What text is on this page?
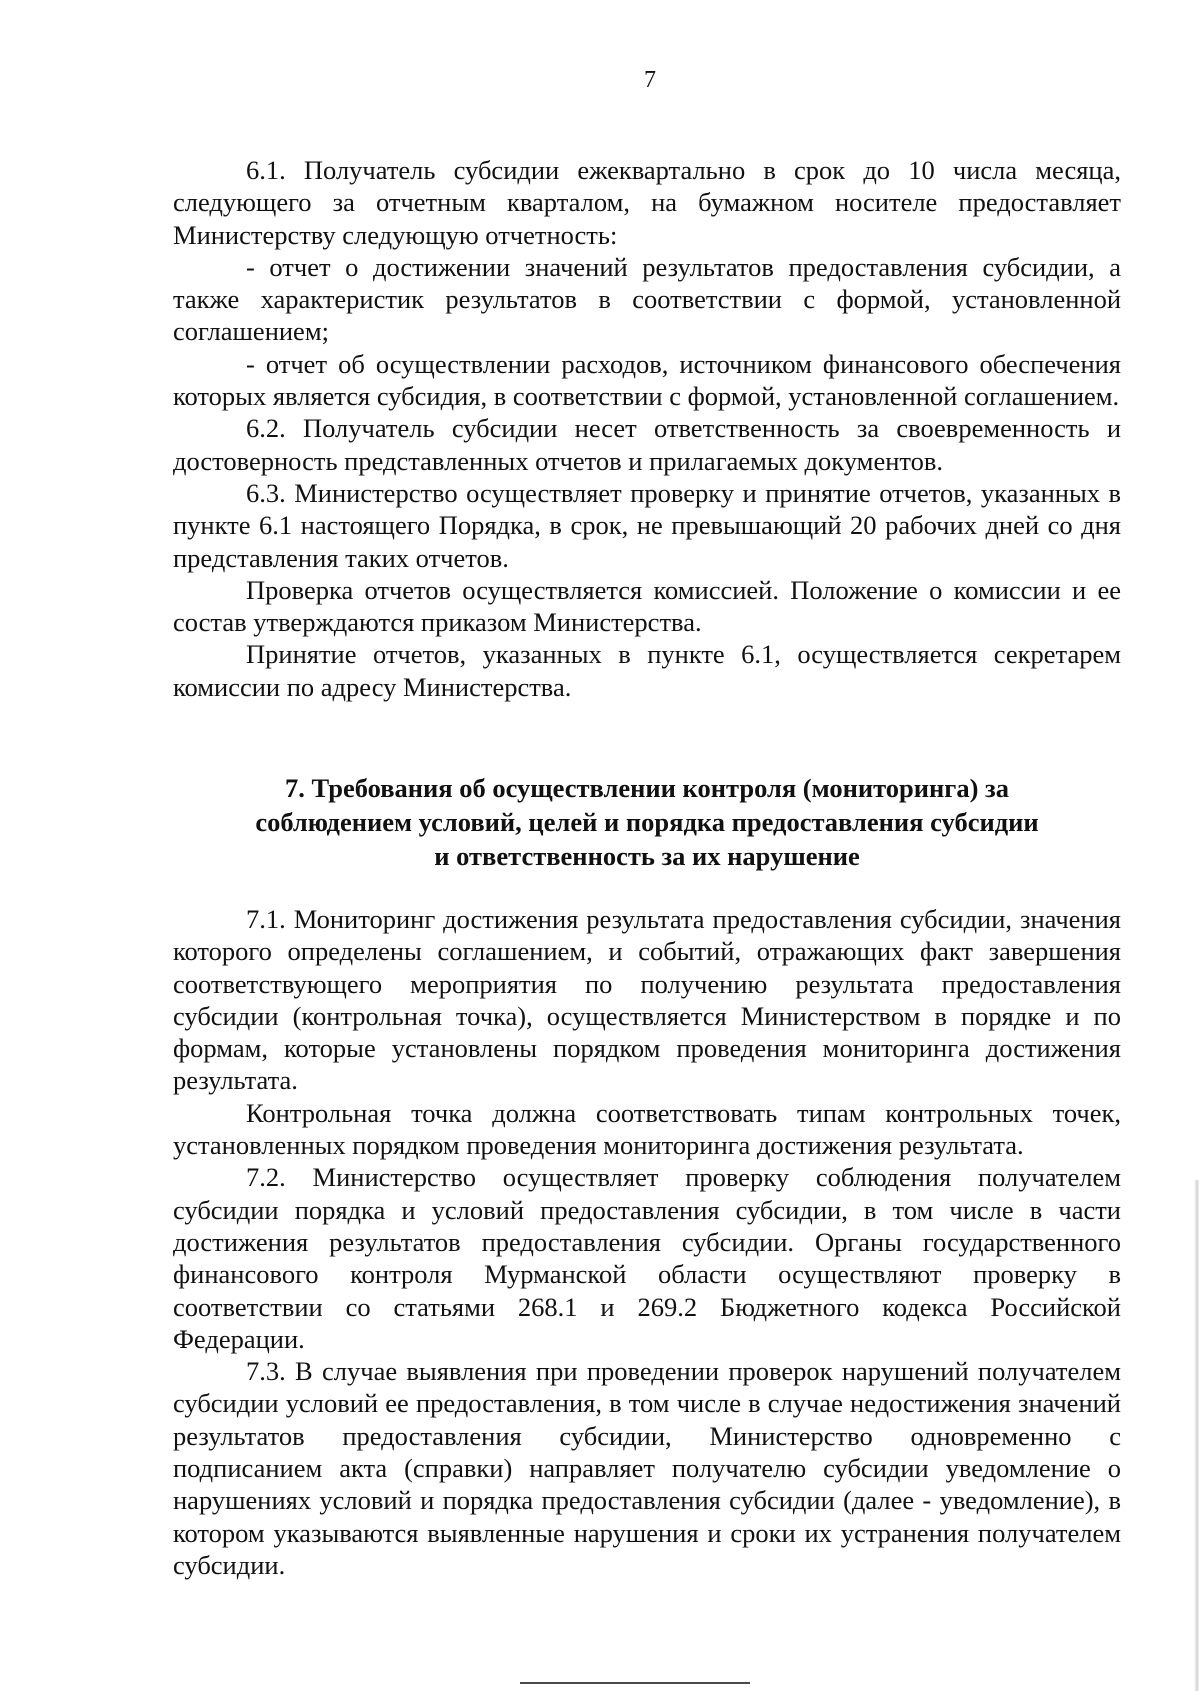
7

6.1. Получатель субсидии ежеквартально в срок до 10 числа месяца, следующего за отчетным кварталом, на бумажном носителе предоставляет Министерству следующую отчетность:

- отчет о достижении значений результатов предоставления субсидии, а также характеристик результатов в соответствии с формой, установленной соглашением;

- отчет об осуществлении расходов, источником финансового обеспечения которых является субсидия, в соответствии с формой, установленной соглашением.

6.2. Получатель субсидии несет ответственность за своевременность и достоверность представленных отчетов и прилагаемых документов.

6.3. Министерство осуществляет проверку и принятие отчетов, указанных в пункте 6.1 настоящего Порядка, в срок, не превышающий 20 рабочих дней со дня представления таких отчетов.

Проверка отчетов осуществляется комиссией. Положение о комиссии и ее состав утверждаются приказом Министерства.

Принятие отчетов, указанных в пункте 6.1, осуществляется секретарем комиссии по адресу Министерства.

7. Требования об осуществлении контроля (мониторинга) за
соблюдением условий, целей и порядка предоставления субсидии
и ответственность за их нарушение

7.1. Мониторинг достижения результата предоставления субсидии, значения которого определены соглашением, и событий, отражающих факт завершения соответствующего мероприятия по получению результата предоставления субсидии (контрольная точка), осуществляется Министерством в порядке и по формам, которые установлены порядком проведения мониторинга достижения результата.

Контрольная точка должна соответствовать типам контрольных точек, установленных порядком проведения мониторинга достижения результата.

7.2. Министерство осуществляет проверку соблюдения получателем субсидии порядка и условий предоставления субсидии, в том числе в части достижения результатов предоставления субсидии. Органы государственного финансового контроля Мурманской области осуществляют проверку в соответствии со статьями 268.1 и 269.2 Бюджетного кодекса Российской Федерации.

7.3. В случае выявления при проведении проверок нарушений получателем субсидии условий ее предоставления, в том числе в случае недостижения значений результатов предоставления субсидии, Министерство одновременно с подписанием акта (справки) направляет получателю субсидии уведомление о нарушениях условий и порядка предоставления субсидии (далее - уведомление), в котором указываются выявленные нарушения и сроки их устранения получателем субсидии.
